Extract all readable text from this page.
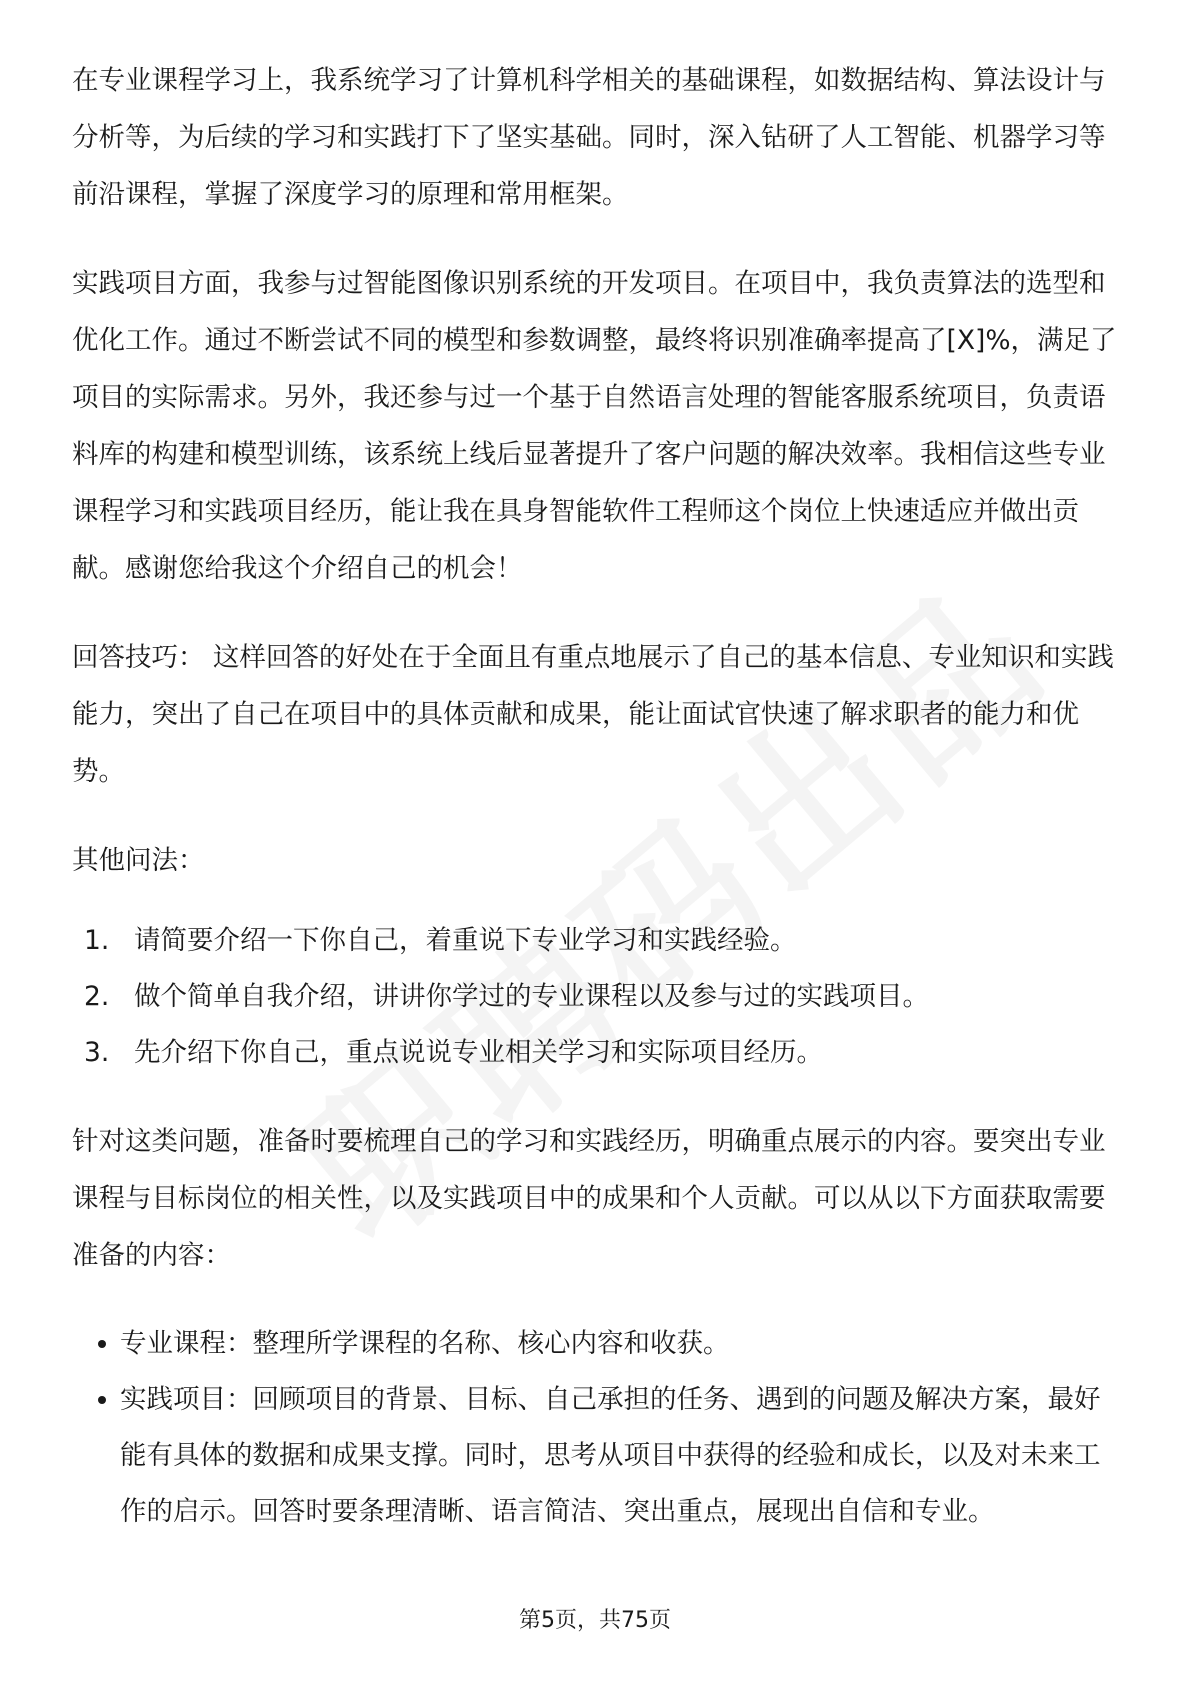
在专业课程学习上，我系统学习了计算机科学相关的基础课程，如数据结构、算法设计与分析等，为后续的学习和实践打下了坚实基础。同时，深入钻研了人工智能、机器学习等前沿课程，掌握了深度学习的原理和常用框架。

实践项目方面，我参与过智能图像识别系统的开发项目。在项目中，我负责算法的选型和优化工作。通过不断尝试不同的模型和参数调整，最终将识别准确率提高了[X]%，满足了项目的实际需求。另外，我还参与过一个基于自然语言处理的智能客服系统项目，负责语料库的构建和模型训练，该系统上线后显著提升了客户问题的解决效率。我相信这些专业课程学习和实践项目经历，能让我在具身智能软件工程师这个岗位上快速适应并做出贡献。感谢您给我这个介绍自己的机会！

回答技巧： 这样回答的好处在于全面且有重点地展示了自己的基本信息、专业知识和实践能力，突出了自己在项目中的具体贡献和成果，能让面试官快速了解求职者的能力和优势。

其他问法：

1. 请简要介绍一下你自己，着重说下专业学习和实践经验。
2. 做个简单自我介绍，讲讲你学过的专业课程以及参与过的实践项目。
3. 先介绍下你自己，重点说说专业相关学习和实际项目经历。

针对这类问题，准备时要梳理自己的学习和实践经历，明确重点展示的内容。要突出专业课程与目标岗位的相关性，以及实践项目中的成果和个人贡献。可以从以下方面获取需要准备的内容：

专业课程：整理所学课程的名称、核心内容和收获。
实践项目：回顾项目的背景、目标、自己承担的任务、遇到的问题及解决方案，最好能有具体的数据和成果支撑。同时，思考从项目中获得的经验和成长，以及对未来工作的启示。回答时要条理清晰、语言简洁、突出重点，展现出自信和专业。
第5页，共75页
